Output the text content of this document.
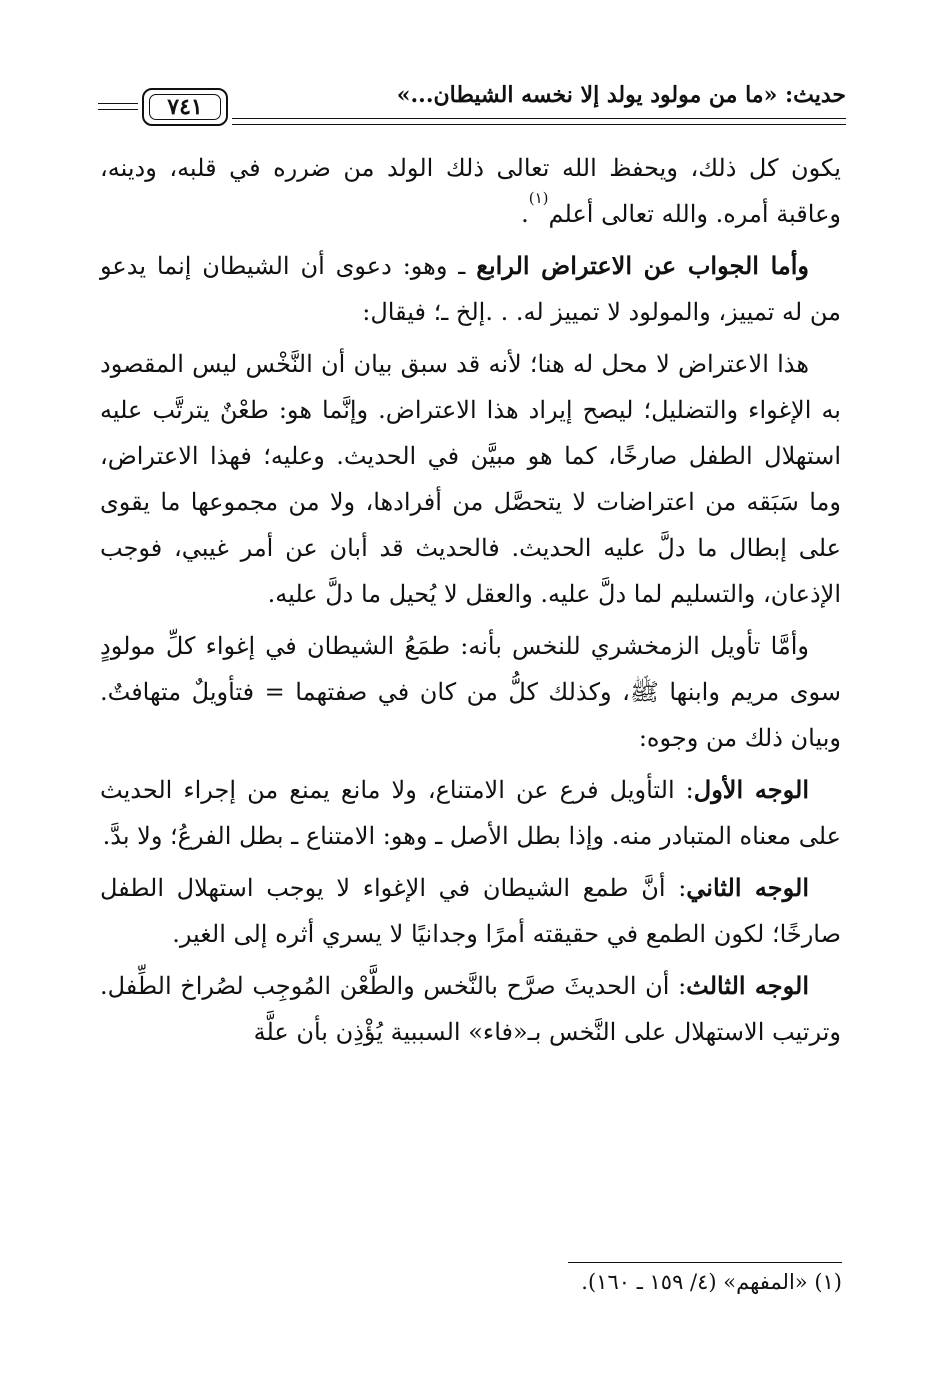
حديث: «ما من مولود يولد إلا نخسه الشيطان...»
٧٤١

يكون كل ذلك، ويحفظ الله تعالى ذلك الولد من ضرره في قلبه، ودينه، وعاقبة أمره. والله تعالى أعلم$^{(١)}$.

وأما الجواب عن الاعتراض الرابع ـ وهو: دعوى أن الشيطان إنما يدعو من له تمييز، والمولود لا تمييز له. . .إلخ ـ؛ فيقال:

هذا الاعتراض لا محل له هنا؛ لأنه قد سبق بيان أن النَّخْس ليس المقصود به الإغواء والتضليل؛ ليصح إيراد هذا الاعتراض. وإنَّما هو: طعْنٌ يترتَّب عليه استهلال الطفل صارخًا، كما هو مبيَّن في الحديث. وعليه؛ فهذا الاعتراض، وما سَبَقه من اعتراضات لا يتحصَّل من أفرادها، ولا من مجموعها ما يقوى على إبطال ما دلَّ عليه الحديث. فالحديث قد أبان عن أمر غيبي، فوجب الإذعان، والتسليم لما دلَّ عليه. والعقل لا يُحيل ما دلَّ عليه.

وأمَّا تأويل الزمخشري للنخس بأنه: طمَعُ الشيطان في إغواء كلِّ مولودٍ سوى مريم وابنها ﷺ، وكذلك كلُّ من كان في صفتهما = فتأويلٌ متهافتٌ. وبيان ذلك من وجوه:

الوجه الأول: التأويل فرع عن الامتناع، ولا مانع يمنع من إجراء الحديث على معناه المتبادر منه. وإذا بطل الأصل ـ وهو: الامتناع ـ بطل الفرعُ؛ ولا بدَّ.

الوجه الثاني: أنَّ طمع الشيطان في الإغواء لا يوجب استهلال الطفل صارخًا؛ لكون الطمع في حقيقته أمرًا وجدانيًا لا يسري أثره إلى الغير.

الوجه الثالث: أن الحديثَ صرَّح بالنَّخس والطَّعْن المُوجِب لصُراخ الطِّفل. وترتيب الاستهلال على النَّخس بـ«فاء» السببية يُؤْذِن بأن علَّة

(١) «المفهم» (٤/ ١٥٩ ـ ١٦٠).
